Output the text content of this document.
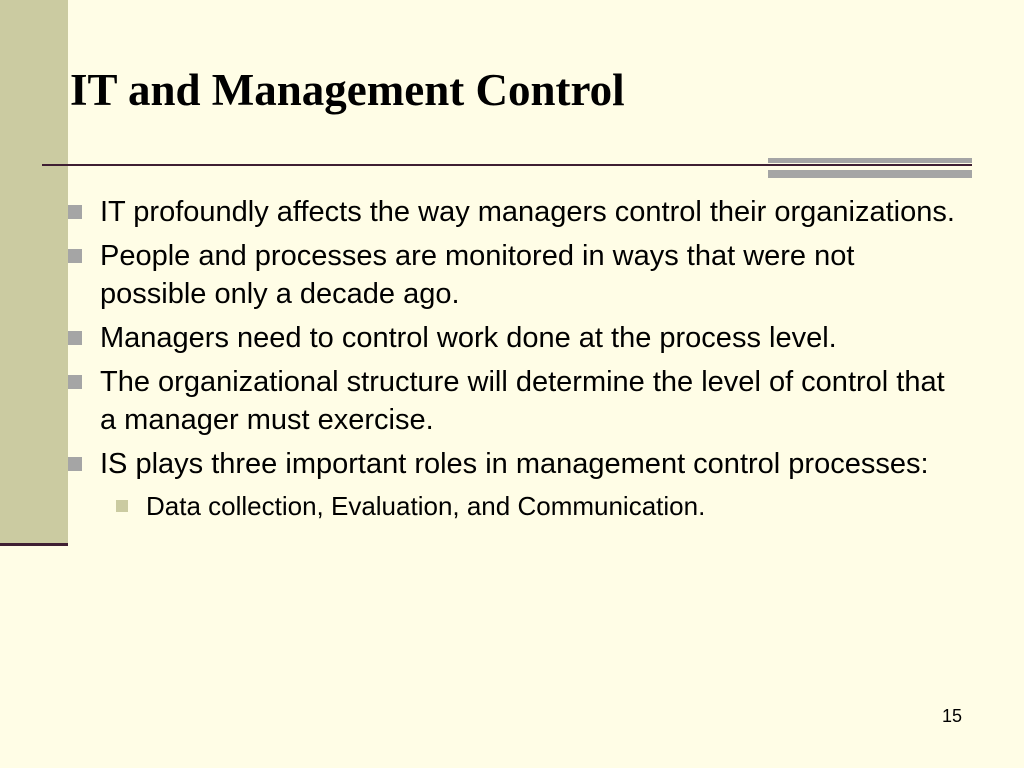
IT and Management Control
IT profoundly affects the way managers control their organizations.
People and processes are monitored in ways that were not possible only a decade ago.
Managers need to control work done at the process level.
The organizational structure will determine the level of control that a manager must exercise.
IS plays three important roles in management control processes:
Data collection, Evaluation, and Communication.
15
